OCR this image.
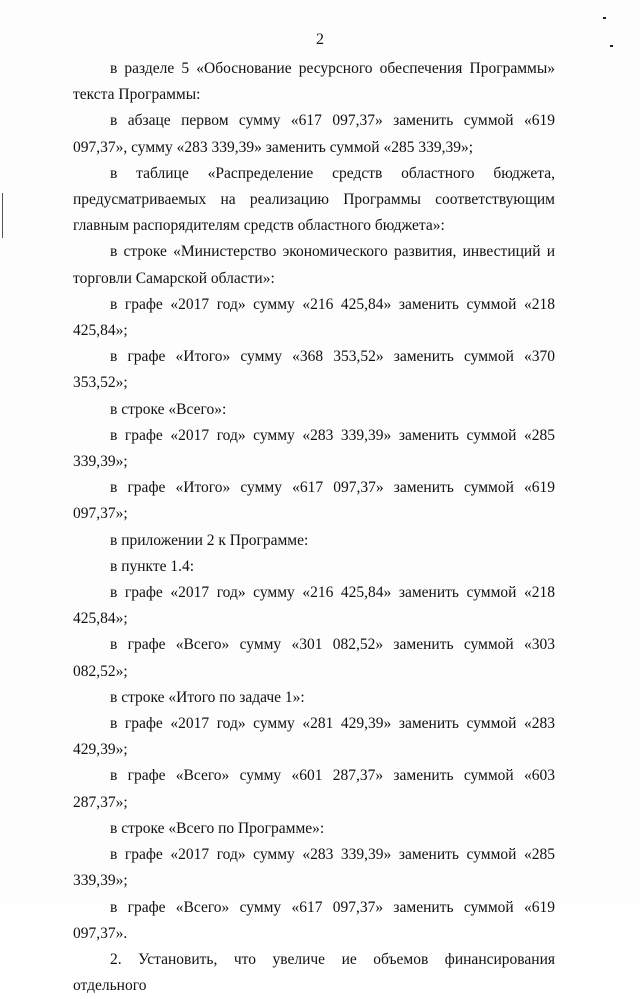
2

в разделе 5 «Обоснование ресурсного обеспечения Программы» текста Программы:

в абзаце первом сумму «617 097,37» заменить суммой «619 097,37», сумму «283 339,39» заменить суммой «285 339,39»;

в таблице «Распределение средств областного бюджета, предусматриваемых на реализацию Программы соответствующим главным распорядителям средств областного бюджета»:

в строке «Министерство экономического развития, инвестиций и торговли Самарской области»:

в графе «2017 год» сумму «216 425,84» заменить суммой «218 425,84»;

в графе «Итого» сумму «368 353,52» заменить суммой «370 353,52»;

в строке «Всего»:

в графе «2017 год» сумму «283 339,39» заменить суммой «285 339,39»;

в графе «Итого» сумму «617 097,37» заменить суммой «619 097,37»;

в приложении 2 к Программе:

в пункте 1.4:

в графе «2017 год» сумму «216 425,84» заменить суммой «218 425,84»;

в графе «Всего» сумму «301 082,52» заменить суммой «303 082,52»;

в строке «Итого по задаче 1»:

в графе «2017 год» сумму «281 429,39» заменить суммой «283 429,39»;

в графе «Всего» сумму «601 287,37» заменить суммой «603 287,37»;

в строке «Всего по Программе»:

в графе «2017 год» сумму «283 339,39» заменить суммой «285 339,39»;

в графе «Всего» сумму «617 097,37» заменить суммой «619 097,37».

2. Установить, что увеличе ие объемов финансирования отдельного
